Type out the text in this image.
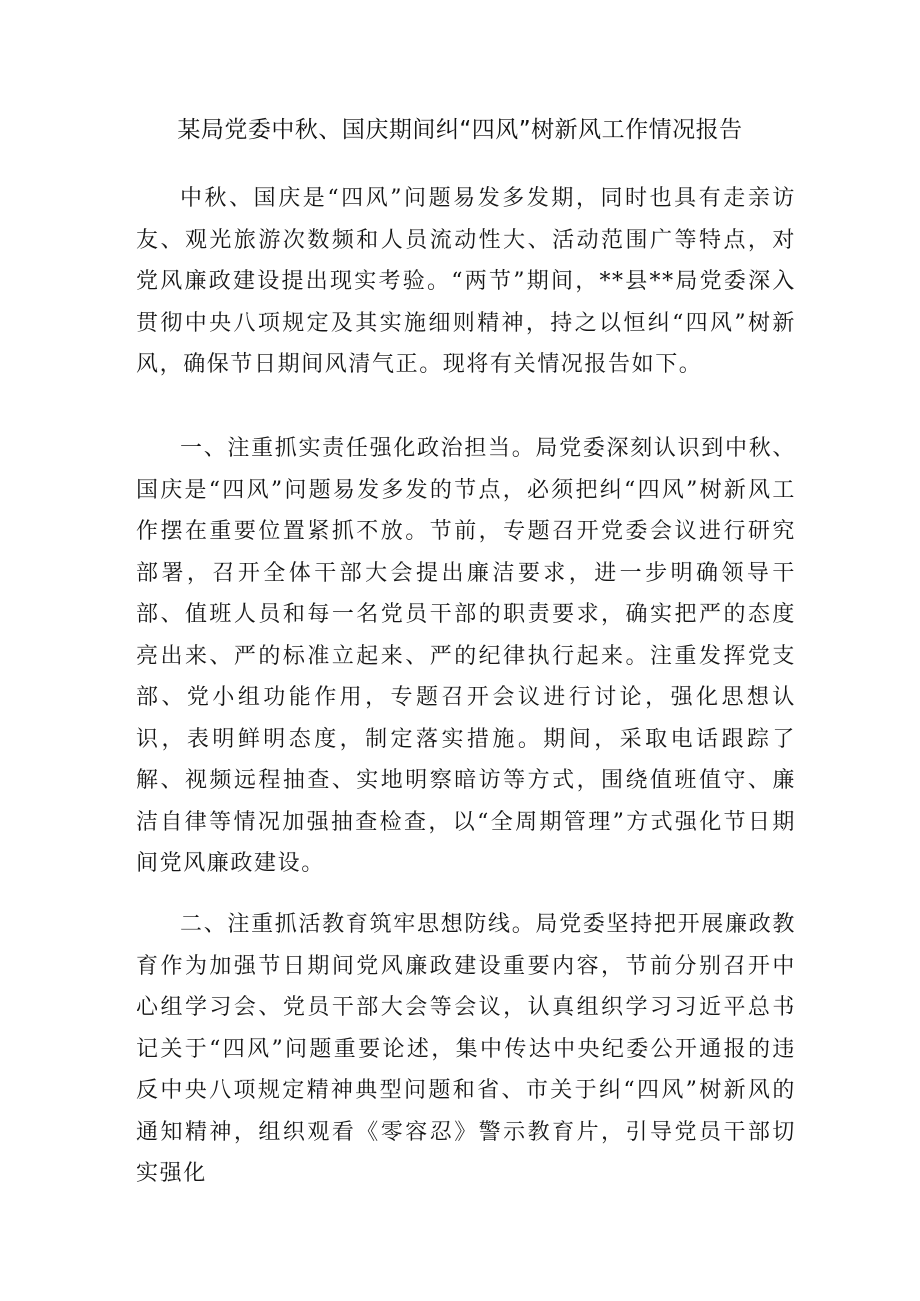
某局党委中秋、国庆期间纠“四风”树新风工作情况报告

中秋、国庆是“四风”问题易发多发期，同时也具有走亲访友、观光旅游次数频和人员流动性大、活动范围广等特点，对党风廉政建设提出现实考验。“两节”期间，**县**局党委深入贯彻中央八项规定及其实施细则精神，持之以恒纠“四风”树新风，确保节日期间风清气正。现将有关情况报告如下。

一、注重抓实责任强化政治担当。局党委深刻认识到中秋、国庆是“四风”问题易发多发的节点，必须把纠“四风”树新风工作摆在重要位置紧抓不放。节前，专题召开党委会议进行研究部署，召开全体干部大会提出廉洁要求，进一步明确领导干部、值班人员和每一名党员干部的职责要求，确实把严的态度亮出来、严的标准立起来、严的纪律执行起来。注重发挥党支部、党小组功能作用，专题召开会议进行讨论，强化思想认识，表明鲜明态度，制定落实措施。期间，采取电话跟踪了解、视频远程抽查、实地明察暗访等方式，围绕值班值守、廉洁自律等情况加强抽查检查，以“全周期管理”方式强化节日期间党风廉政建设。

二、注重抓活教育筑牢思想防线。局党委坚持把开展廉政教育作为加强节日期间党风廉政建设重要内容，节前分别召开中心组学习会、党员干部大会等会议，认真组织学习习近平总书记关于“四风”问题重要论述，集中传达中央纪委公开通报的违反中央八项规定精神典型问题和省、市关于纠“四风”树新风的通知精神，组织观看《零容忍》警示教育片，引导党员干部切实强化
